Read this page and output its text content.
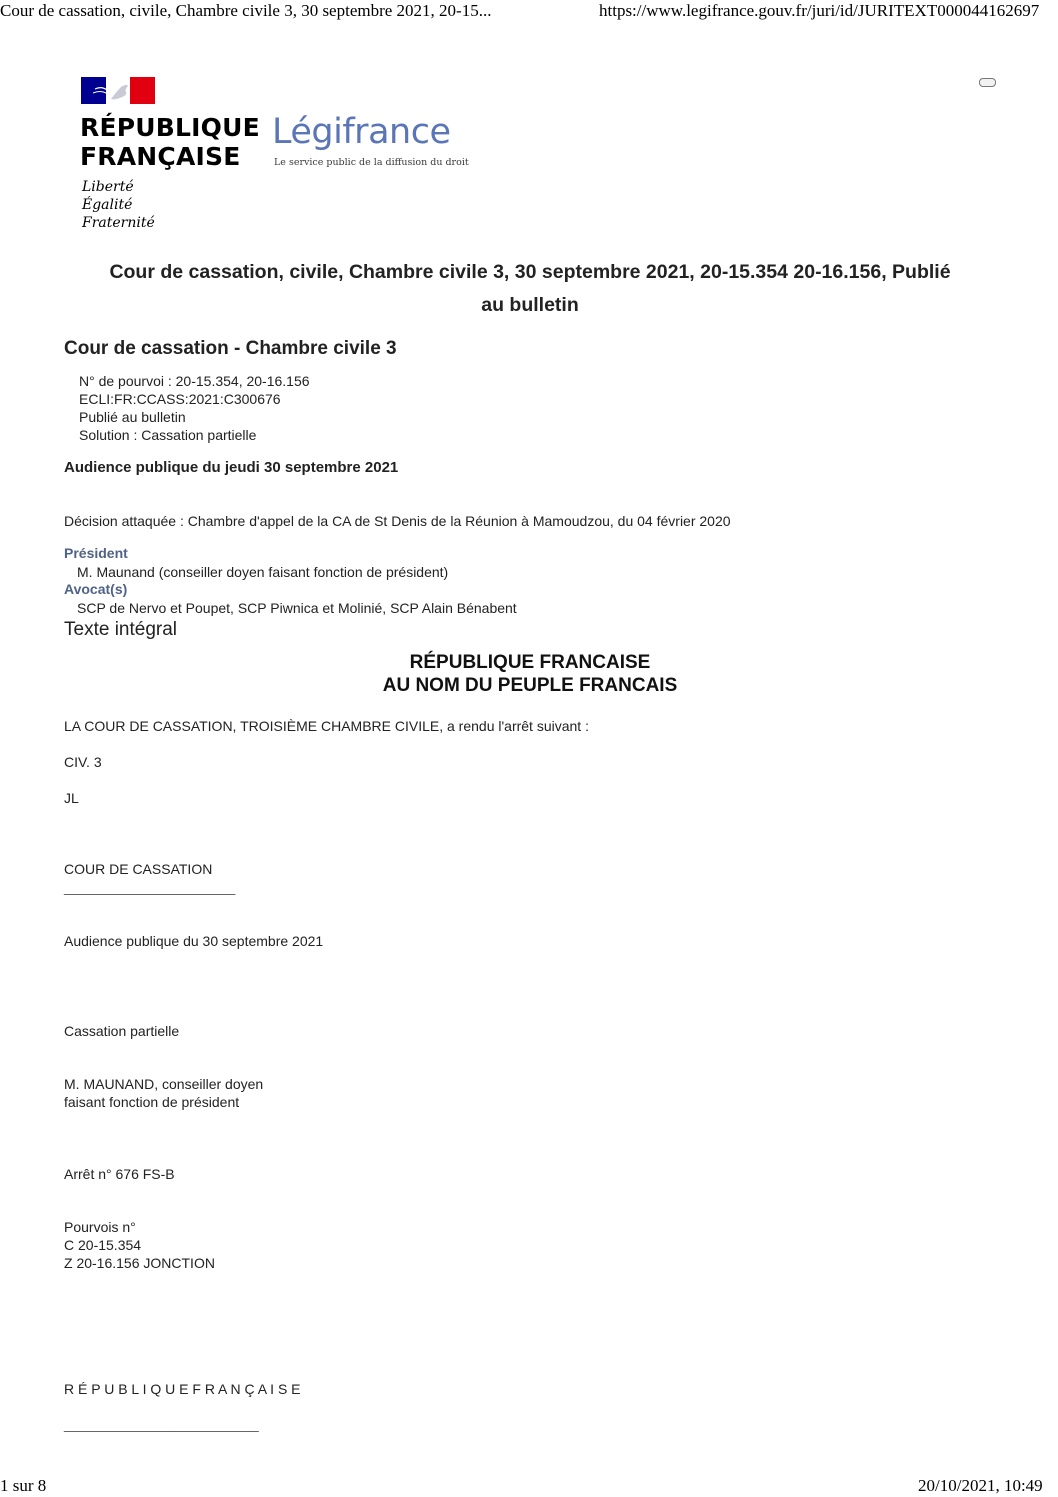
Cour de cassation, civile, Chambre civile 3, 30 septembre 2021, 20-15...	https://www.legifrance.gouv.fr/juri/id/JURITEXT000044162697
1 sur 8	20/10/2021, 10:49
RÉPUBLIQUE
FRANÇAISE
Liberté
Égalité
Fraternité
Légifrance
Le service public de la diffusion du droit
Cour de cassation, civile, Chambre civile 3, 30 septembre 2021, 20-15.354 20-16.156, Publié
au bulletin
Cour de cassation - Chambre civile 3
N° de pourvoi : 20-15.354, 20-16.156
ECLI:FR:CCASS:2021:C300676
Publié au bulletin
Solution : Cassation partielle
Audience publique du jeudi 30 septembre 2021
Décision attaquée : Chambre d'appel de la CA de St Denis de la Réunion à Mamoudzou, du 04 février 2020
Président
M. Maunand (conseiller doyen faisant fonction de président)
Avocat(s)
SCP de Nervo et Poupet, SCP Piwnica et Molinié, SCP Alain Bénabent
Texte intégral
RÉPUBLIQUE FRANCAISE
AU NOM DU PEUPLE FRANCAIS
LA COUR DE CASSATION, TROISIÈME CHAMBRE CIVILE, a rendu l'arrêt suivant :
CIV. 3
JL
COUR DE CASSATION
______________________
Audience publique du 30 septembre 2021
Cassation partielle
M. MAUNAND, conseiller doyen
faisant fonction de président
Arrêt n° 676 FS-B
Pourvois n°
C 20-15.354
Z 20-16.156 JONCTION
R É P U B L I Q U E F R A N Ç A I S E
_________________________
